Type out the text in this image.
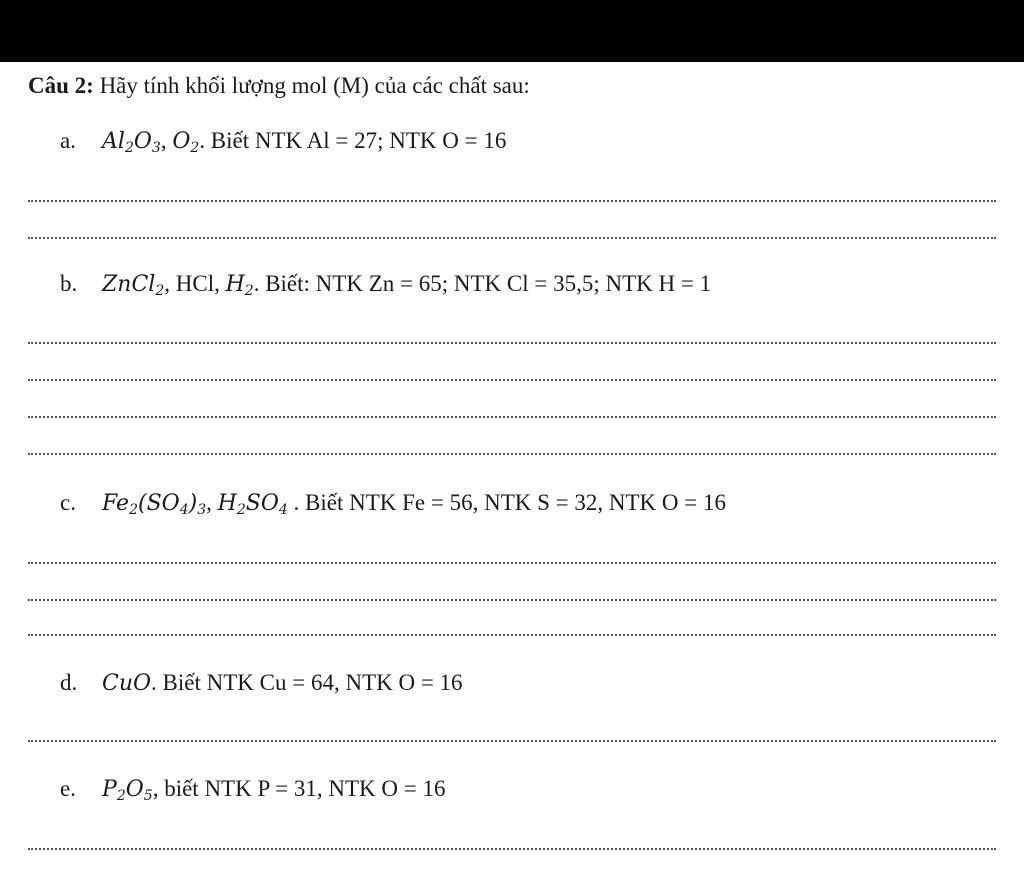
Câu 2: Hãy tính khối lượng mol (M) của các chất sau:
a. $Al_2O_3$, $O_2$. Biết NTK Al = 27; NTK O = 16
b. ZnCl$_2$, HCl, $H_2$. Biết: NTK Zn = 65; NTK Cl = 35,5; NTK H = 1
c. $Fe_2(SO_4)_3$, $H_2SO_4$ . Biết NTK Fe = 56, NTK S = 32, NTK O = 16
d. CuO. Biết NTK Cu = 64, NTK O = 16
e. $P_2O_5$, biết NTK P = 31, NTK O = 16
